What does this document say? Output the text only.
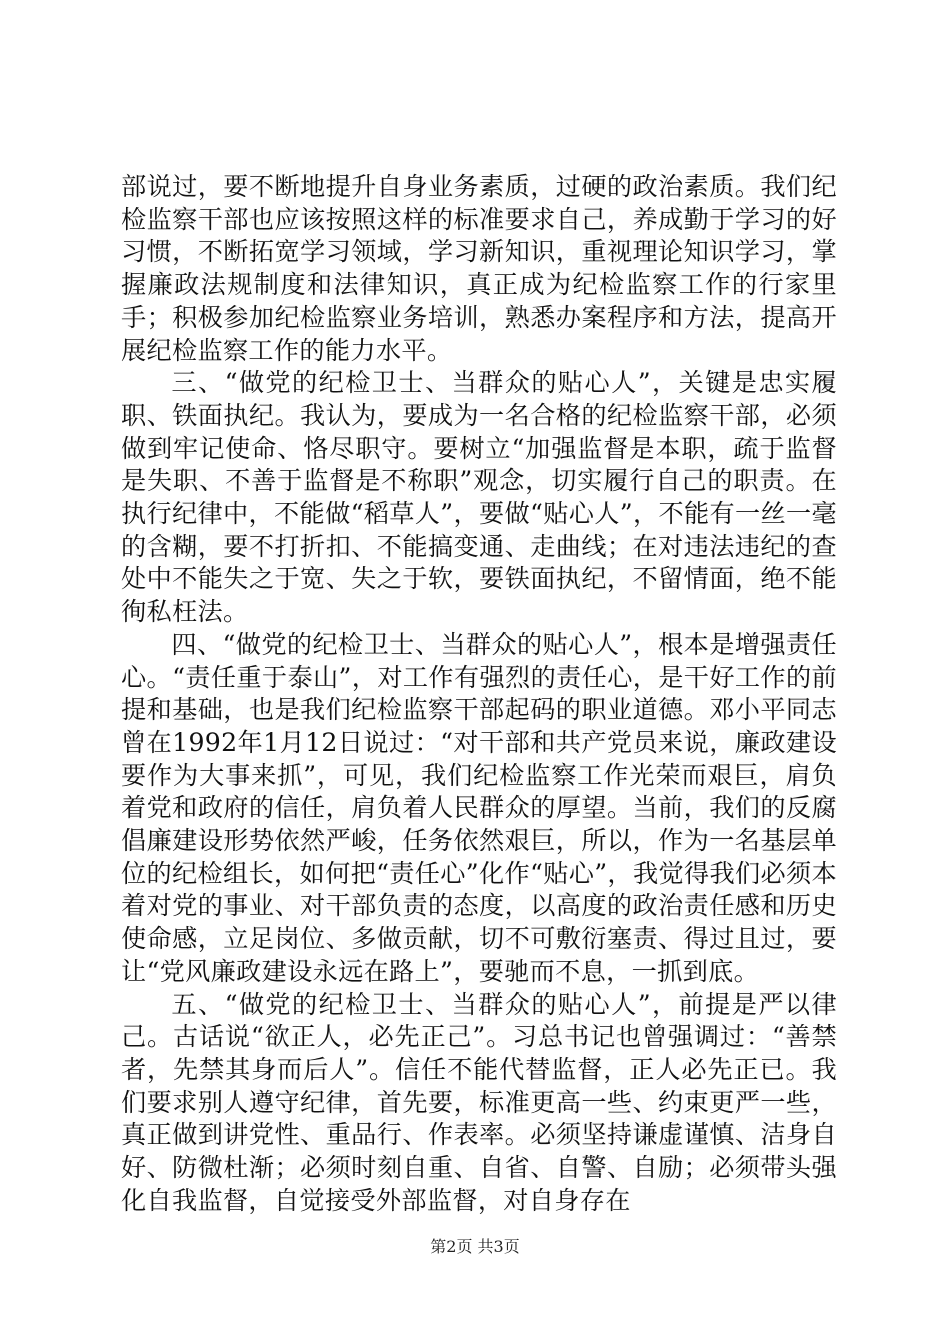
部说过，要不断地提升自身业务素质，过硬的政治素质。我们纪检监察干部也应该按照这样的标准要求自己，养成勤于学习的好习惯，不断拓宽学习领域，学习新知识，重视理论知识学习，掌握廉政法规制度和法律知识，真正成为纪检监察工作的行家里手；积极参加纪检监察业务培训，熟悉办案程序和方法，提高开展纪检监察工作的能力水平。

三、“做党的纪检卫士、当群众的贴心人”，关键是忠实履职、铁面执纪。我认为，要成为一名合格的纪检监察干部，必须做到牢记使命、恪尽职守。要树立“加强监督是本职，疏于监督是失职、不善于监督是不称职”观念，切实履行自己的职责。在执行纪律中，不能做“稻草人”，要做“贴心人”，不能有一丝一毫的含糊，要不打折扣、不能搞变通、走曲线；在对违法违纪的查处中不能失之于宽、失之于软，要铁面执纪，不留情面，绝不能徇私枉法。

四、“做党的纪检卫士、当群众的贴心人”，根本是增强责任心。“责任重于泰山”，对工作有强烈的责任心，是干好工作的前提和基础，也是我们纪检监察干部起码的职业道德。邓小平同志曾在1992年1月12日说过：“对干部和共产党员来说，廉政建设要作为大事来抓”，可见，我们纪检监察工作光荣而艰巨，肩负着党和政府的信任，肩负着人民群众的厚望。当前，我们的反腐倡廉建设形势依然严峻，任务依然艰巨，所以，作为一名基层单位的纪检组长，如何把“责任心”化作“贴心”，我觉得我们必须本着对党的事业、对干部负责的态度，以高度的政治责任感和历史使命感，立足岗位、多做贡献，切不可敷衍塞责、得过且过，要让“党风廉政建设永远在路上”，要驰而不息，一抓到底。

五、“做党的纪检卫士、当群众的贴心人”，前提是严以律己。古话说“欲正人，必先正己”。习总书记也曾强调过：“善禁者，先禁其身而后人”。信任不能代替监督，正人必先正已。我们要求别人遵守纪律，首先要，标准更高一些、约束更严一些，真正做到讲党性、重品行、作表率。必须坚持谦虚谨慎、洁身自好、防微杜渐；必须时刻自重、自省、自警、自励；必须带头强化自我监督，自觉接受外部监督，对自身存在

第2页 共3页
